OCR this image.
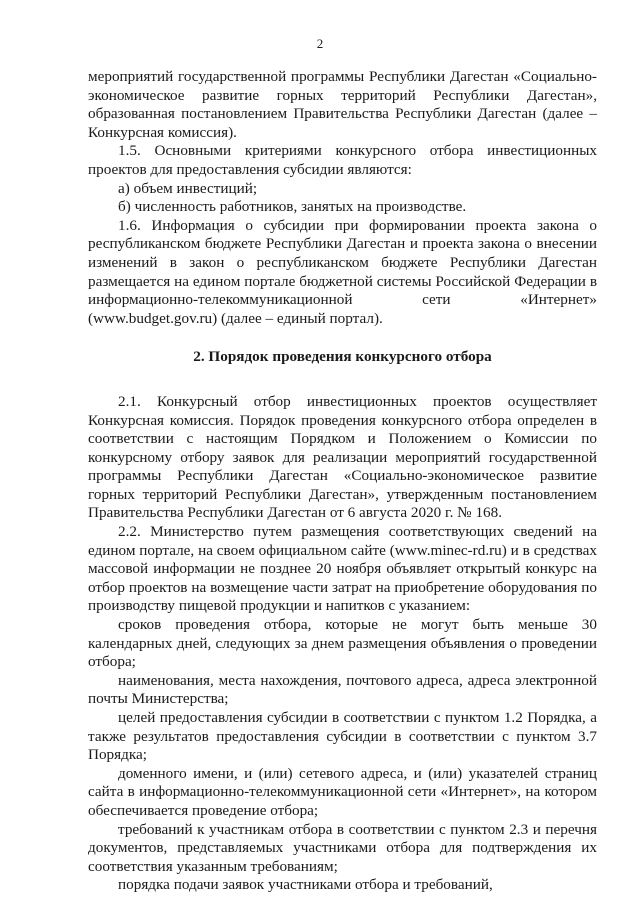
2
мероприятий государственной программы Республики Дагестан «Социально-экономическое развитие горных территорий Республики Дагестан», образованная постановлением Правительства Республики Дагестан (далее – Конкурсная комиссия).
1.5. Основными критериями конкурсного отбора инвестиционных проектов для предоставления субсидии являются:
а) объем инвестиций;
б) численность работников, занятых на производстве.
1.6. Информация о субсидии при формировании проекта закона о республиканском бюджете Республики Дагестан и проекта закона о внесении изменений в закон о республиканском бюджете Республики Дагестан размещается на едином портале бюджетной системы Российской Федерации в информационно-телекоммуникационной сети «Интернет» (www.budget.gov.ru) (далее – единый портал).
2. Порядок проведения конкурсного отбора
2.1. Конкурсный отбор инвестиционных проектов осуществляет Конкурсная комиссия. Порядок проведения конкурсного отбора определен в соответствии с настоящим Порядком и Положением о Комиссии по конкурсному отбору заявок для реализации мероприятий государственной программы Республики Дагестан «Социально-экономическое развитие горных территорий Республики Дагестан», утвержденным постановлением Правительства Республики Дагестан от 6 августа 2020 г. № 168.
2.2. Министерство путем размещения соответствующих сведений на едином портале, на своем официальном сайте (www.minec-rd.ru) и в средствах массовой информации не позднее 20 ноября объявляет открытый конкурс на отбор проектов на возмещение части затрат на приобретение оборудования по производству пищевой продукции и напитков с указанием:
сроков проведения отбора, которые не могут быть меньше 30 календарных дней, следующих за днем размещения объявления о проведении отбора;
наименования, места нахождения, почтового адреса, адреса электронной почты Министерства;
целей предоставления субсидии в соответствии с пунктом 1.2 Порядка, а также результатов предоставления субсидии в соответствии с пунктом 3.7 Порядка;
доменного имени, и (или) сетевого адреса, и (или) указателей страниц сайта в информационно-телекоммуникационной сети «Интернет», на котором обеспечивается проведение отбора;
требований к участникам отбора в соответствии с пунктом 2.3 и перечня документов, представляемых участниками отбора для подтверждения их соответствия указанным требованиям;
порядка подачи заявок участниками отбора и требований,
